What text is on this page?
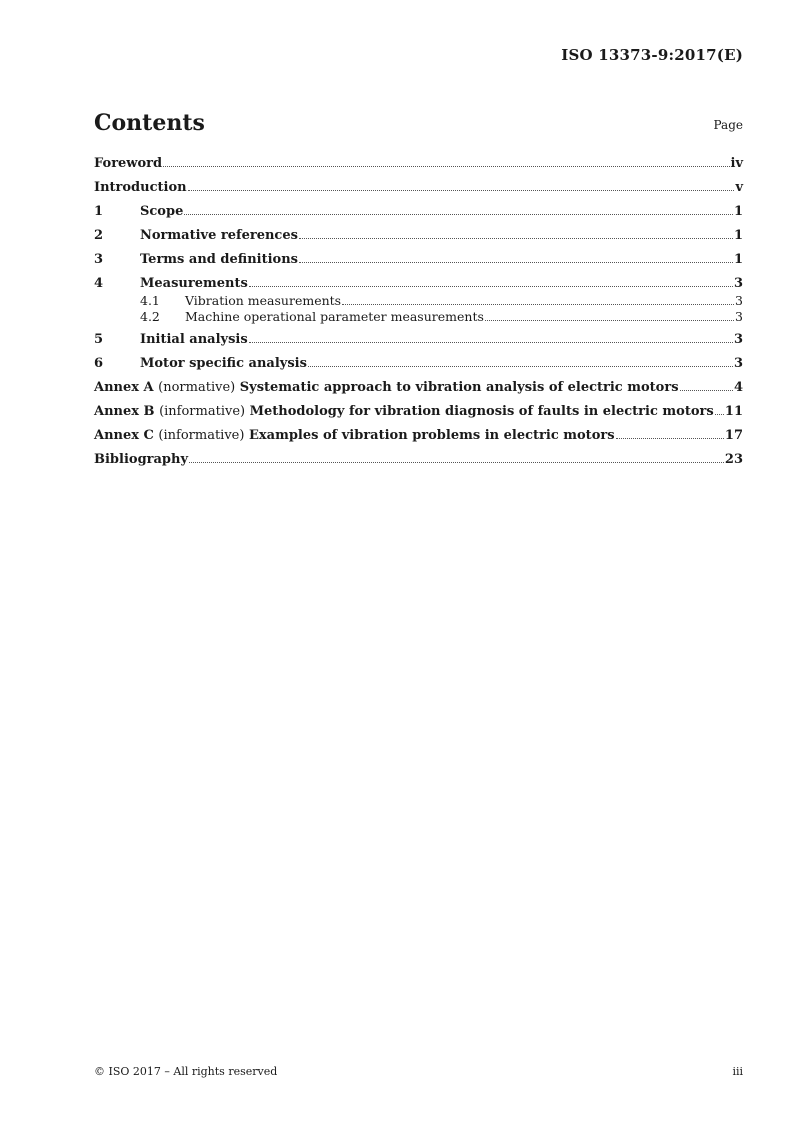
ISO 13373-9:2017(E)
Contents	Page
Foreword	iv
Introduction	v
1	Scope	1
2	Normative references	1
3	Terms and definitions	1
4	Measurements	3
4.1	Vibration measurements	3
4.2	Machine operational parameter measurements	3
5	Initial analysis	3
6	Motor specific analysis	3
Annex A (normative) Systematic approach to vibration analysis of electric motors	4
Annex B (informative) Methodology for vibration diagnosis of faults in electric motors 11
Annex C (informative) Examples of vibration problems in electric motors	17
Bibliography	23
© ISO 2017 – All rights reserved	iii
